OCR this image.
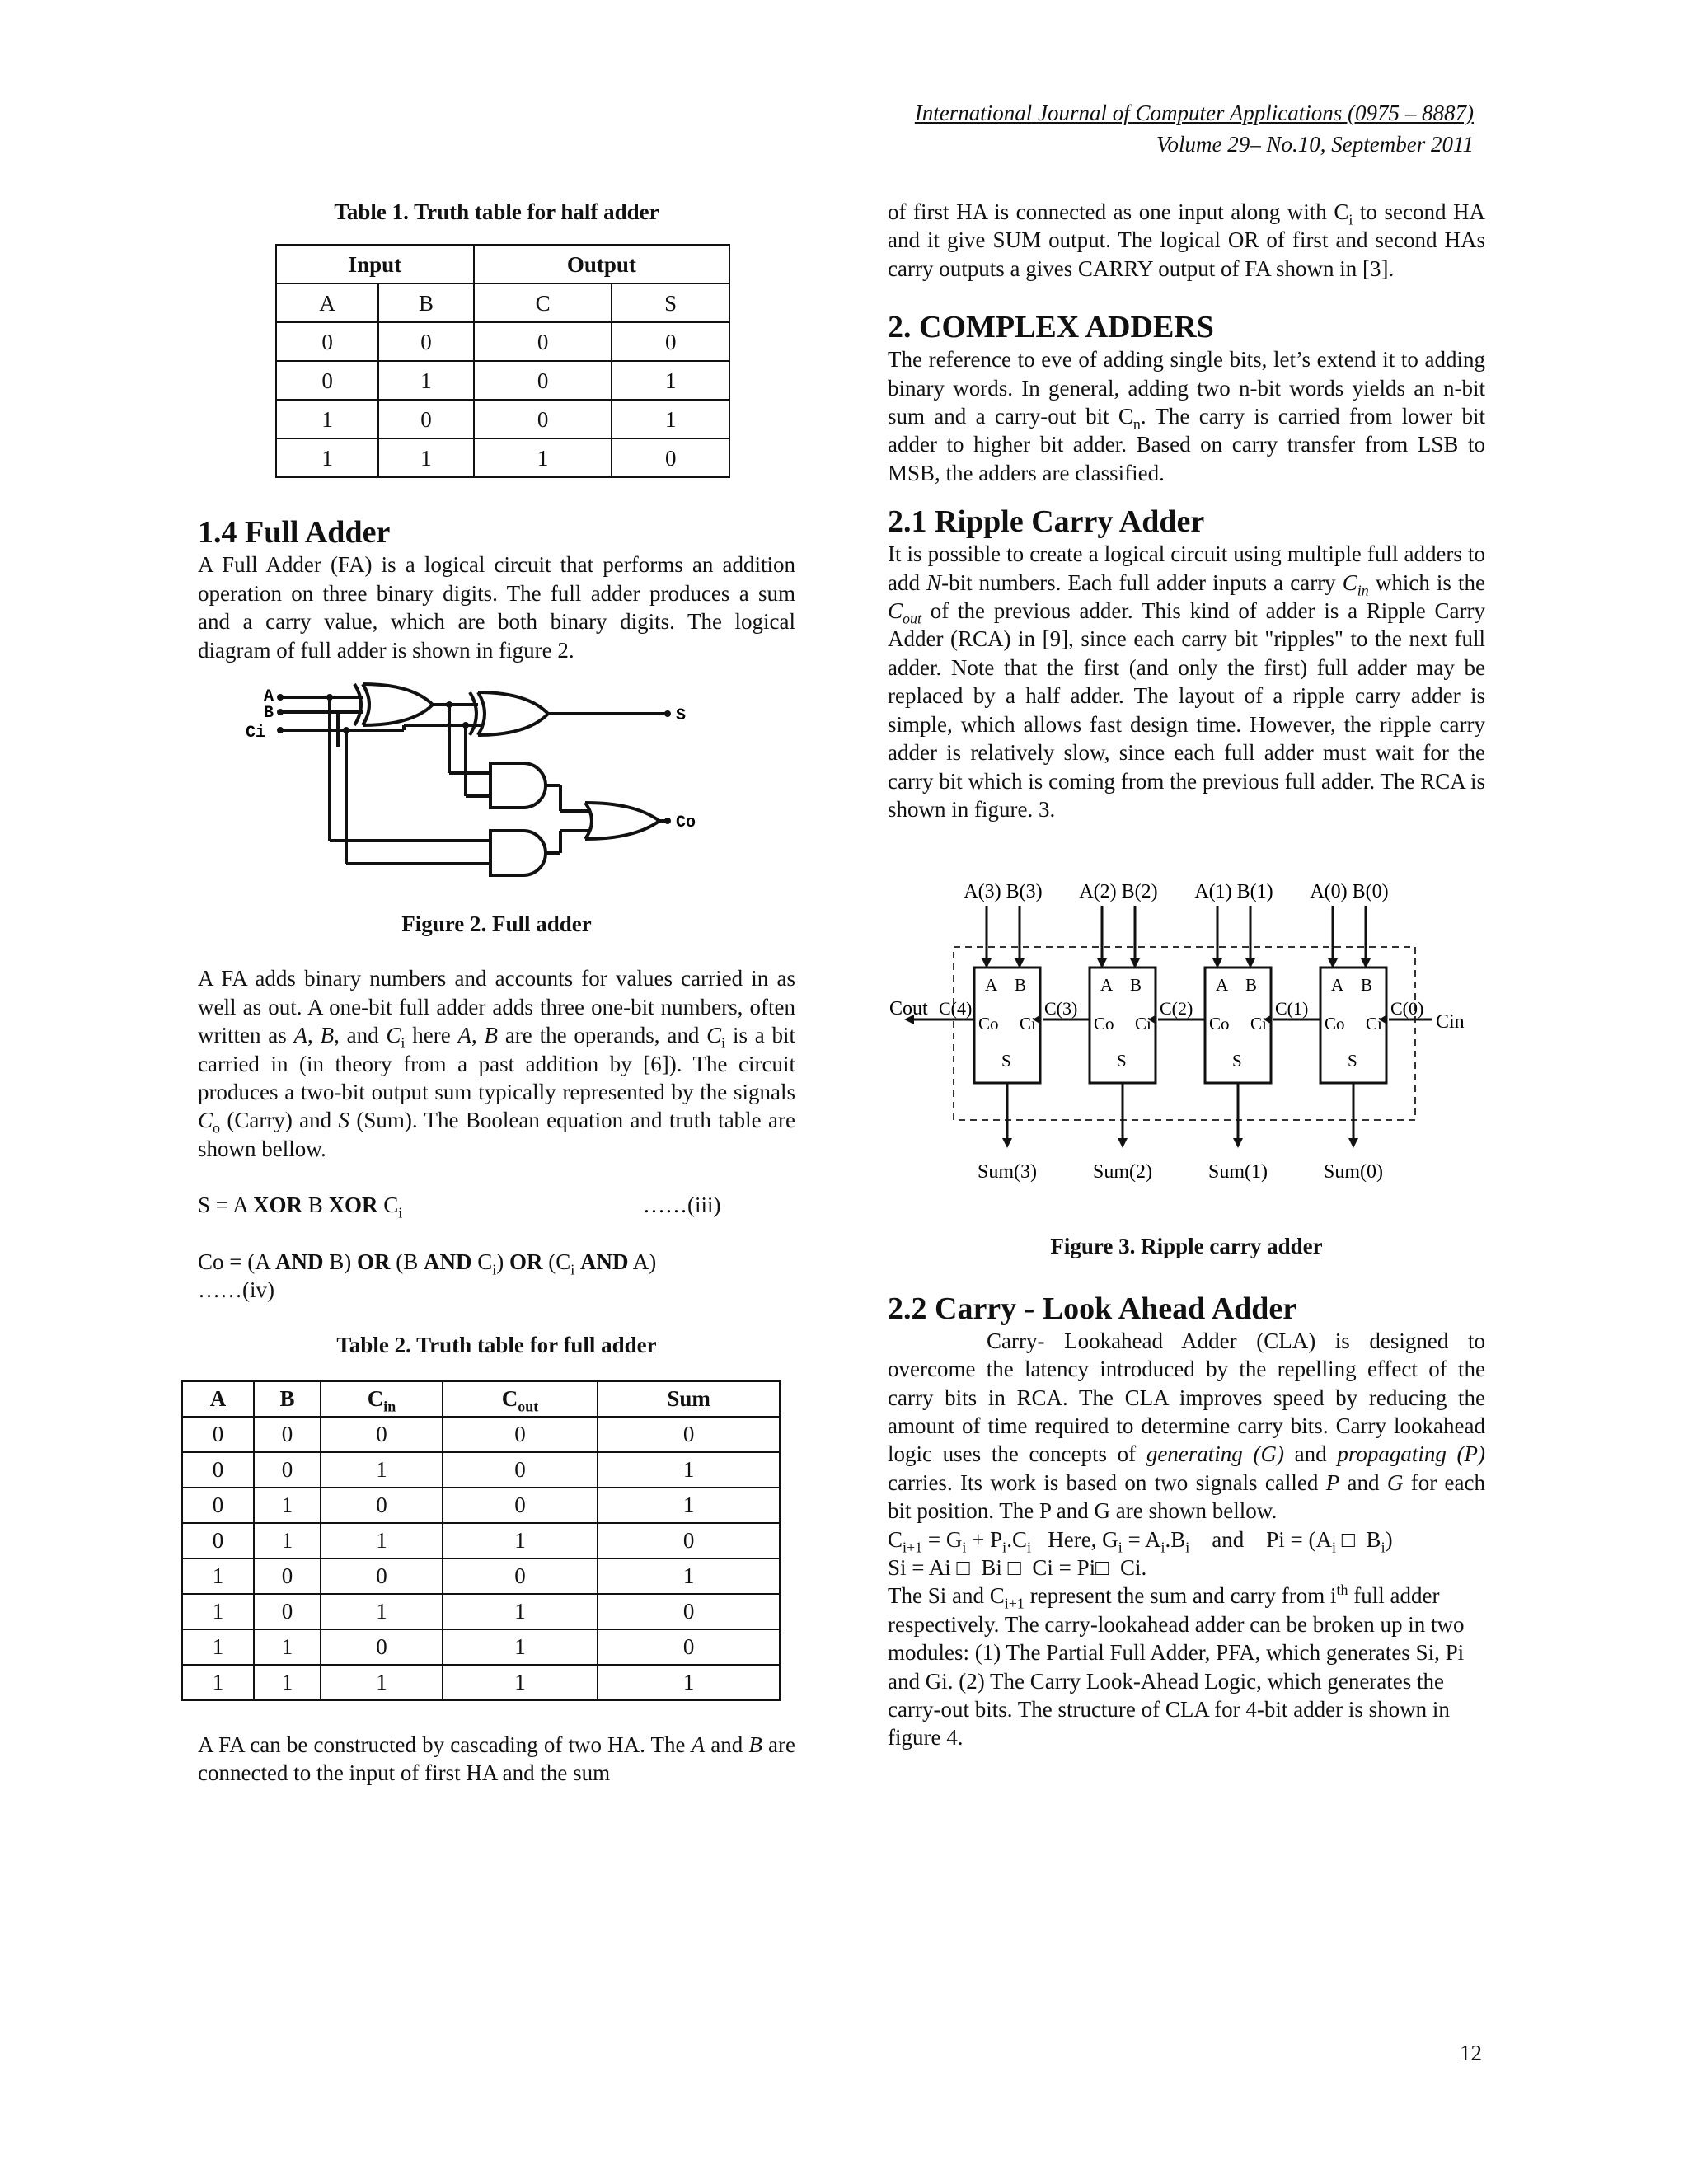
International Journal of Computer Applications (0975 – 8887)
Volume 29– No.10, September 2011

Table 1. Truth table for half adder

Input		Output	
A	B	C	S
0	0	0	0
0	1	0	1
1	0	0	1
1	1	1	0
1.4 Full Adder

A Full Adder (FA) is a logical circuit that performs an addition operation on three binary digits. The full adder produces a sum and a carry value, which are both binary digits. The logical diagram of full adder is shown in figure 2.

A
B
Ci
S
Co

Figure 2. Full adder

A FA adds binary numbers and accounts for values carried in as well as out. A one-bit full adder adds three one-bit numbers, often written as A, B, and $C_i$ here A, B are the operands, and $C_i$ is a bit carried in (in theory from a past addition by [6]). The circuit produces a two-bit output sum typically represented by the signals $C_o$ (Carry) and S (Sum). The Boolean equation and truth table are shown bellow.

S = A XOR B XOR $C_i$	……(iii)

Co = (A AND B) OR (B AND $C_i$) OR ($C_i$ AND A)
……(iv)

Table 2. Truth table for full adder

A	B	$C_{in}$	$C_{out}$	Sum
0	0	0	0	0
0	0	1	0	1
0	1	0	0	1
0	1	1	1	0
1	0	0	0	1
1	0	1	1	0
1	1	0	1	0
1	1	1	1	1

A FA can be constructed by cascading of two HA. The A and B are connected to the input of first HA and the sum

of first HA is connected as one input along with $C_i$ to second HA and it give SUM output. The logical OR of first and second HAs carry outputs a gives CARRY output of FA shown in [3].

2. COMPLEX ADDERS

The reference to eve of adding single bits, let’s extend it to adding binary words. In general, adding two n-bit words yields an n-bit sum and a carry-out bit $C_n$. The carry is carried from lower bit adder to higher bit adder. Based on carry transfer from LSB to MSB, the adders are classified.

2.1 Ripple Carry Adder

It is possible to create a logical circuit using multiple full adders to add N-bit numbers. Each full adder inputs a carry $C_{in}$ which is the $C_{out}$ of the previous adder. This kind of adder is a Ripple Carry Adder (RCA) in [9], since each carry bit "ripples" to the next full adder. Note that the first (and only the first) full adder may be replaced by a half adder. The layout of a ripple carry adder is simple, which allows fast design time. However, the ripple carry adder is relatively slow, since each full adder must wait for the carry bit which is coming from the previous full adder. The RCA is shown in figure. 3.

A(3) B(3) A(2) B(2) A(1) B(1) A(0) B(0)
Cout
Cin
C(4)	C(3)	C(2)	C(1)	C(0)
Sum(3)	Sum(2)	Sum(1)	Sum(0)
A B
Co Ci
S
A B
Co Ci
S
A B
Co Ci
S
A B
Co Ci
S

Figure 3. Ripple carry adder

2.2 Carry - Look Ahead Adder

Carry- Lookahead Adder (CLA) is designed to overcome the latency introduced by the repelling effect of the carry bits in RCA. The CLA improves speed by reducing the amount of time required to determine carry bits. Carry lookahead logic uses the concepts of generating (G) and propagating (P) carries. Its work is based on two signals called P and G for each bit position. The P and G are shown bellow.

$C_{i+1} = G_i + P_i.C_i$   Here, $G_i = A_i.B_i$    and    $Pi = (A_i$ □  $B_i$)

Si = Ai □  Bi □  Ci = Pi□  Ci.

The Si and $C_{i+1}$ represent the sum and carry from $i^{th}$ full adder respectively. The carry-lookahead adder can be broken up in two modules: (1) The Partial Full Adder, PFA, which generates Si, Pi and Gi. (2) The Carry Look-Ahead Logic, which generates the carry-out bits. The structure of CLA for 4-bit adder is shown in figure 4.

12
